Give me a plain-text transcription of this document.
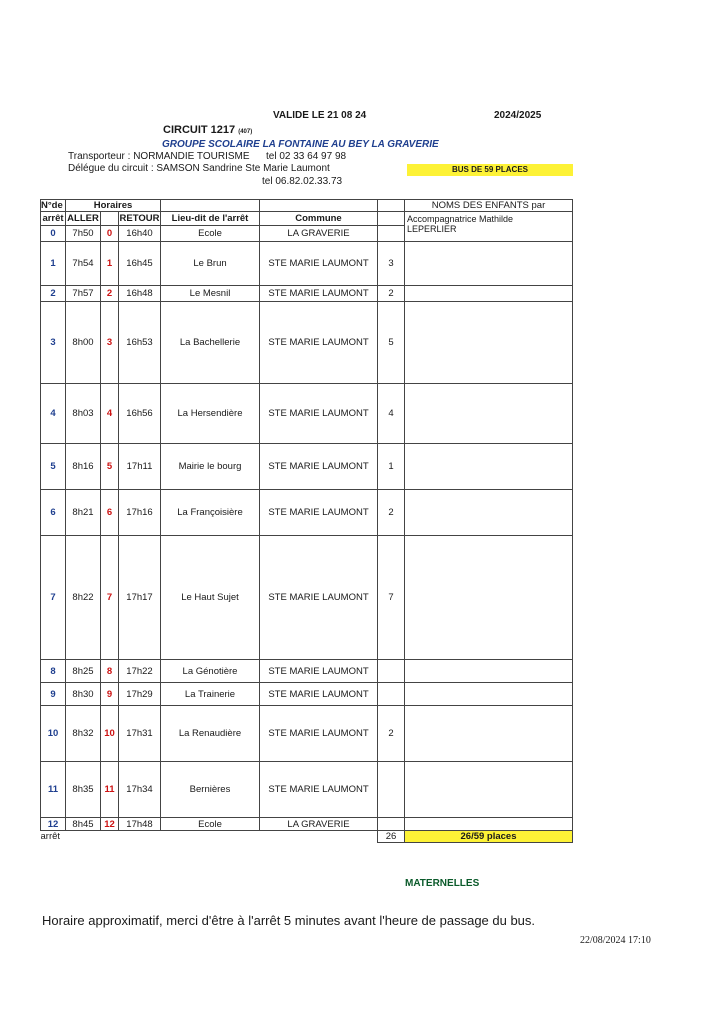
VALIDE LE 21 08 24	2024/2025
CIRCUIT 1217 (407)
GROUPE SCOLAIRE LA FONTAINE AU BEY LA GRAVERIE
Transporteur : NORMANDIE TOURISME tel 02 33 64 97 98
Délégue du circuit : SAMSON Sandrine Ste Marie Laumont
tel 06.82.02.33.73
BUS DE 59 PLACES
N°de	Horaires						NOMS DES ENFANTS par
arrêt	ALLER		RETOUR	Lieu-dit de l'arrêt	Commune		Accompagnatrice Mathilde
LEPERLIER

0	7h50	0	16h40	Ecole	LA GRAVERIE		
1	7h54	1	16h45	Le Brun	STE MARIE LAUMONT	3	
2	7h57	2	16h48	Le Mesnil	STE MARIE LAUMONT	2	
3	8h00	3	16h53	La Bachellerie	STE MARIE LAUMONT	5	
4	8h03	4	16h56	La Hersendière	STE MARIE LAUMONT	4	
5	8h16	5	17h11	Mairie le bourg	STE MARIE LAUMONT	1	
6	8h21	6	17h16	La Françoisière	STE MARIE LAUMONT	2	
7	8h22	7	17h17	Le Haut Sujet	STE MARIE LAUMONT	7	
8	8h25	8	17h22	La Génotière	STE MARIE LAUMONT		
9	8h30	9	17h29	La Trainerie	STE MARIE LAUMONT		
10	8h32	10	17h31	La Renaudière	STE MARIE LAUMONT	2	
11	8h35	11	17h34	Bernières	STE MARIE LAUMONT		
12	8h45	12	17h48	Ecole	LA GRAVERIE		
arrêt						26	26/59 places
MATERNELLES
Horaire approximatif, merci d'être à l'arrêt 5 minutes avant l'heure de passage du bus.
22/08/2024 17:10
